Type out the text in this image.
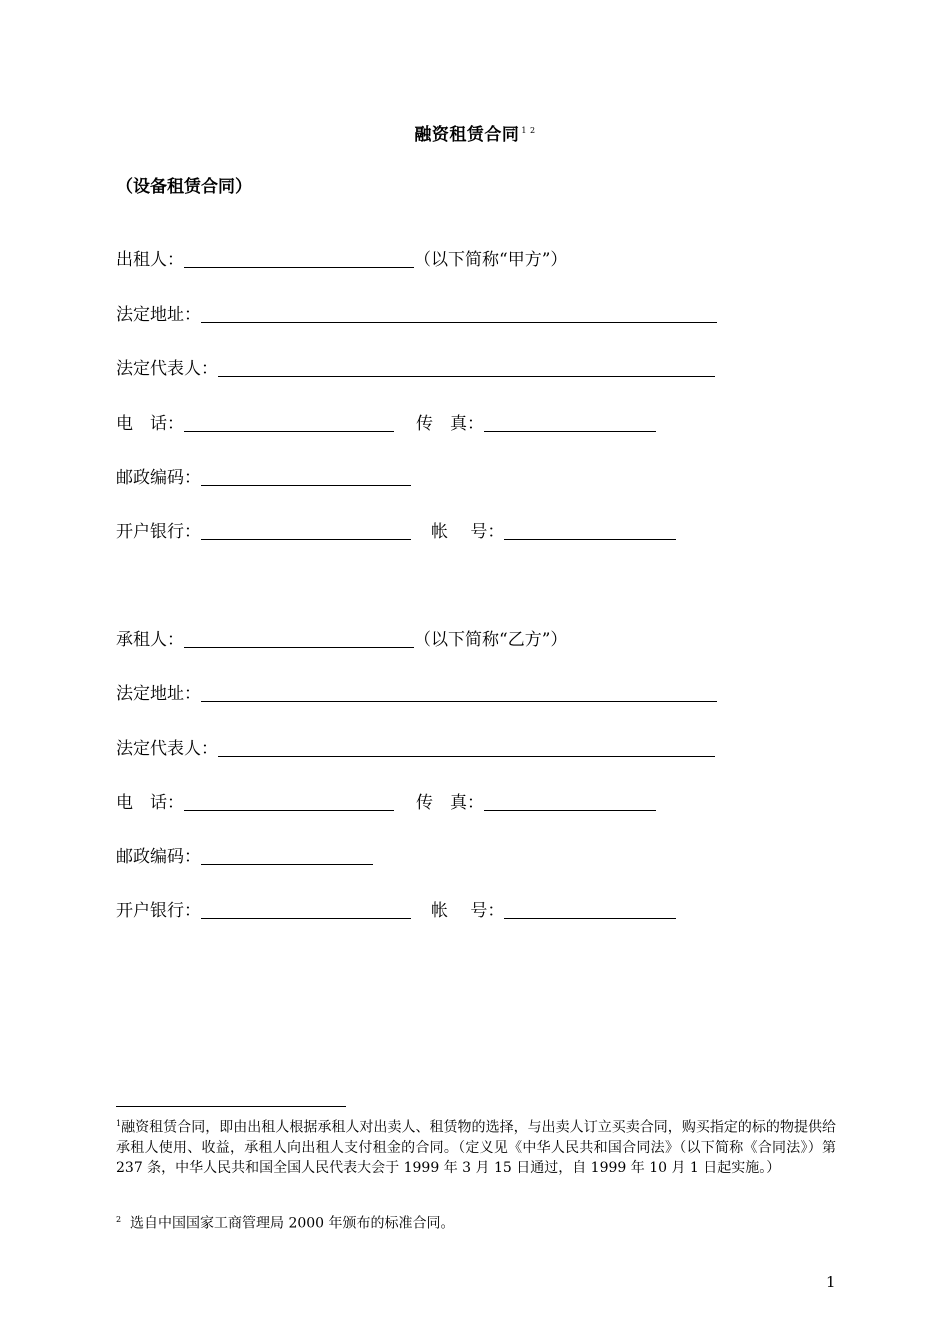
融资租赁合同 $^{1 2}$
（设备租赁合同）
出租人：	（以下简称“甲方”）
法定地址：
法定代表人：
电　话：	传　真：
邮政编码：
开户银行：	帐　 号：
承租人：	（以下简称“乙方”）
法定地址：
法定代表人：
电　话：	传　真：
邮政编码：
开户银行：	帐　 号：
$^1$融资租赁合同，即由出租人根据承租人对出卖人、租赁物的选择，与出卖人订立买卖合同，购买指定的标的物提供给承租人使用、收益，承租人向出租人支付租金的合同。（定义见《中华人民共和国合同法》（以下简称《合同法》）第 237 条，中华人民共和国全国人民代表大会于 1999 年 3 月 15 日通过，自 1999 年 10 月 1 日起实施。）
$^2$ 选自中国国家工商管理局 2000 年颁布的标准合同。
1
